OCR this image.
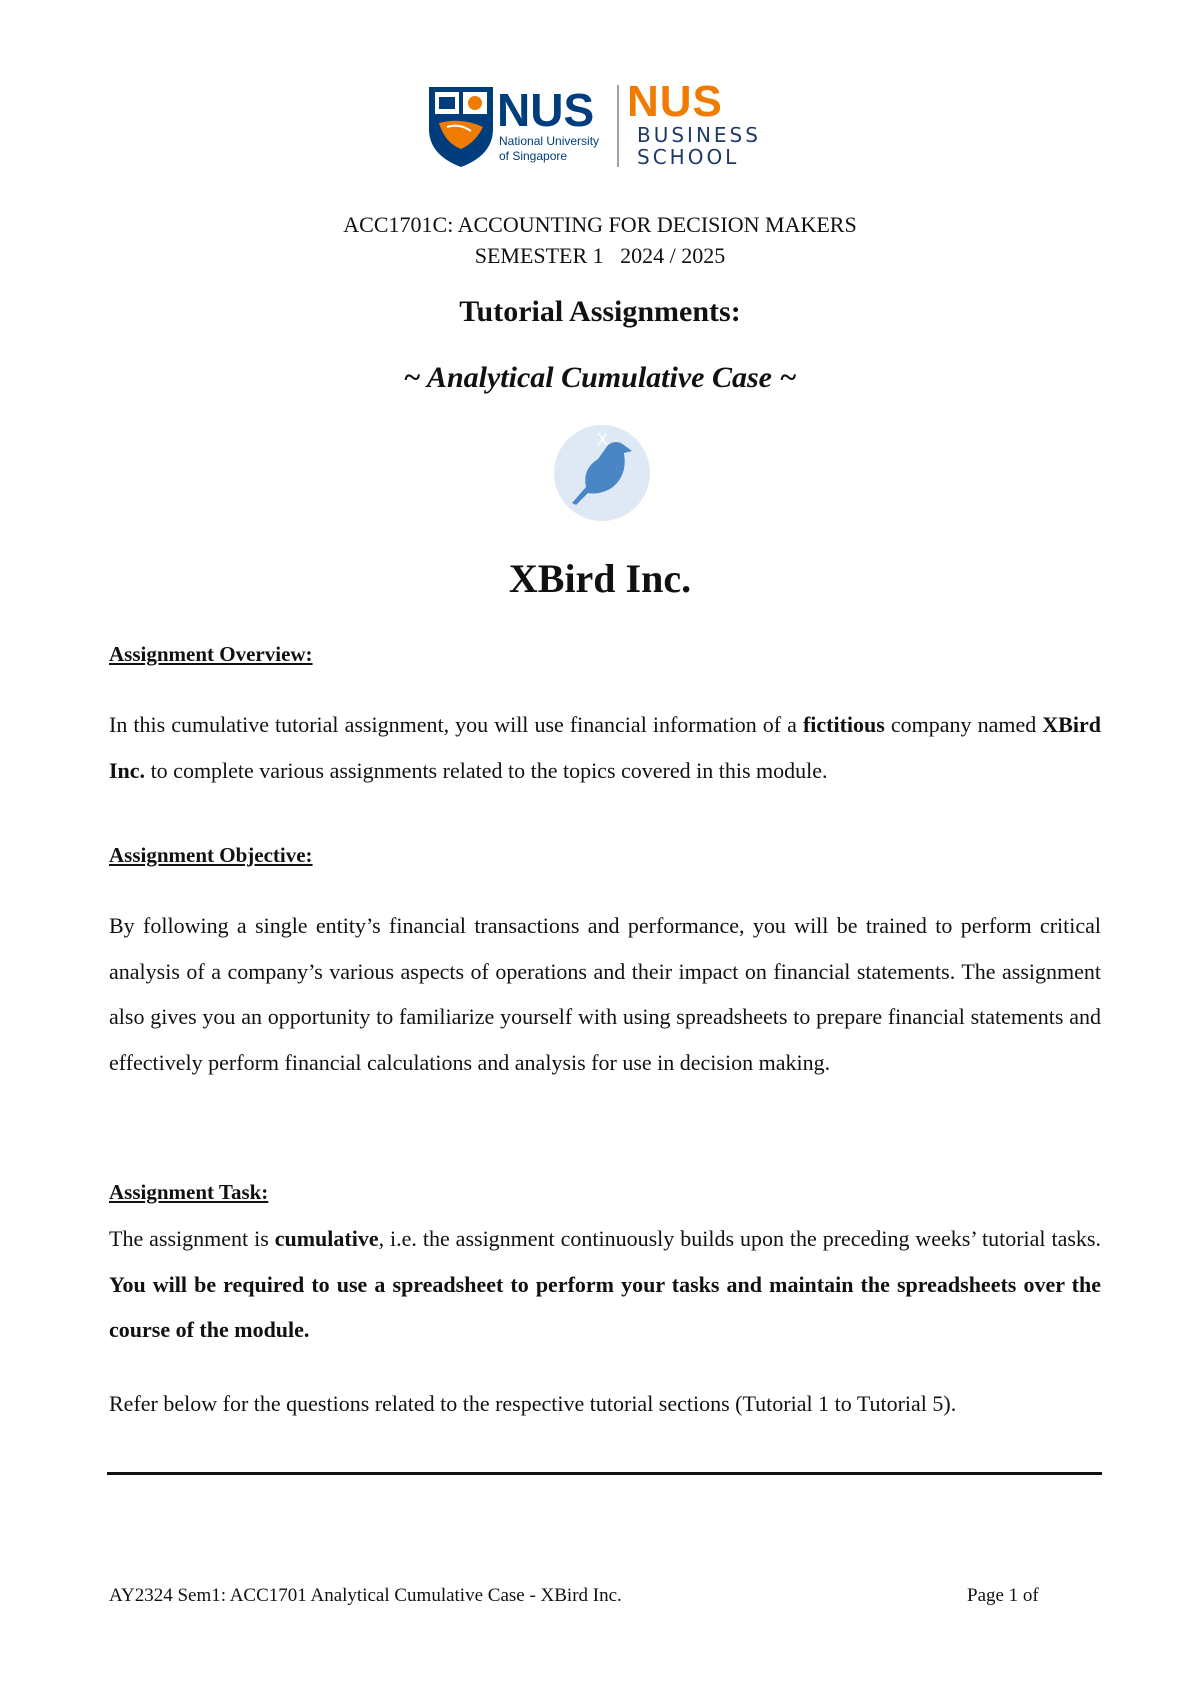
NUS
National University
of Singapore
NUS
BUSINESS
SCHOOL
ACC1701C: ACCOUNTING FOR DECISION MAKERS
SEMESTER 1   2024 / 2025
Tutorial Assignments:
~ Analytical Cumulative Case ~
X
XBird Inc.
Assignment Overview:
In this cumulative tutorial assignment, you will use financial information of a fictitious company named XBird Inc. to complete various assignments related to the topics covered in this module.
Assignment Objective:
By following a single entity’s financial transactions and performance, you will be trained to perform critical analysis of a company’s various aspects of operations and their impact on financial statements. The assignment also gives you an opportunity to familiarize yourself with using spreadsheets to prepare financial statements and effectively perform financial calculations and analysis for use in decision making.
Assignment Task:
The assignment is cumulative, i.e. the assignment continuously builds upon the preceding weeks’ tutorial tasks. You will be required to use a spreadsheet to perform your tasks and maintain the spreadsheets over the course of the module.
Refer below for the questions related to the respective tutorial sections (Tutorial 1 to Tutorial 5).
AY2324 Sem1: ACC1701 Analytical Cumulative Case - XBird Inc.	Page 1 of
